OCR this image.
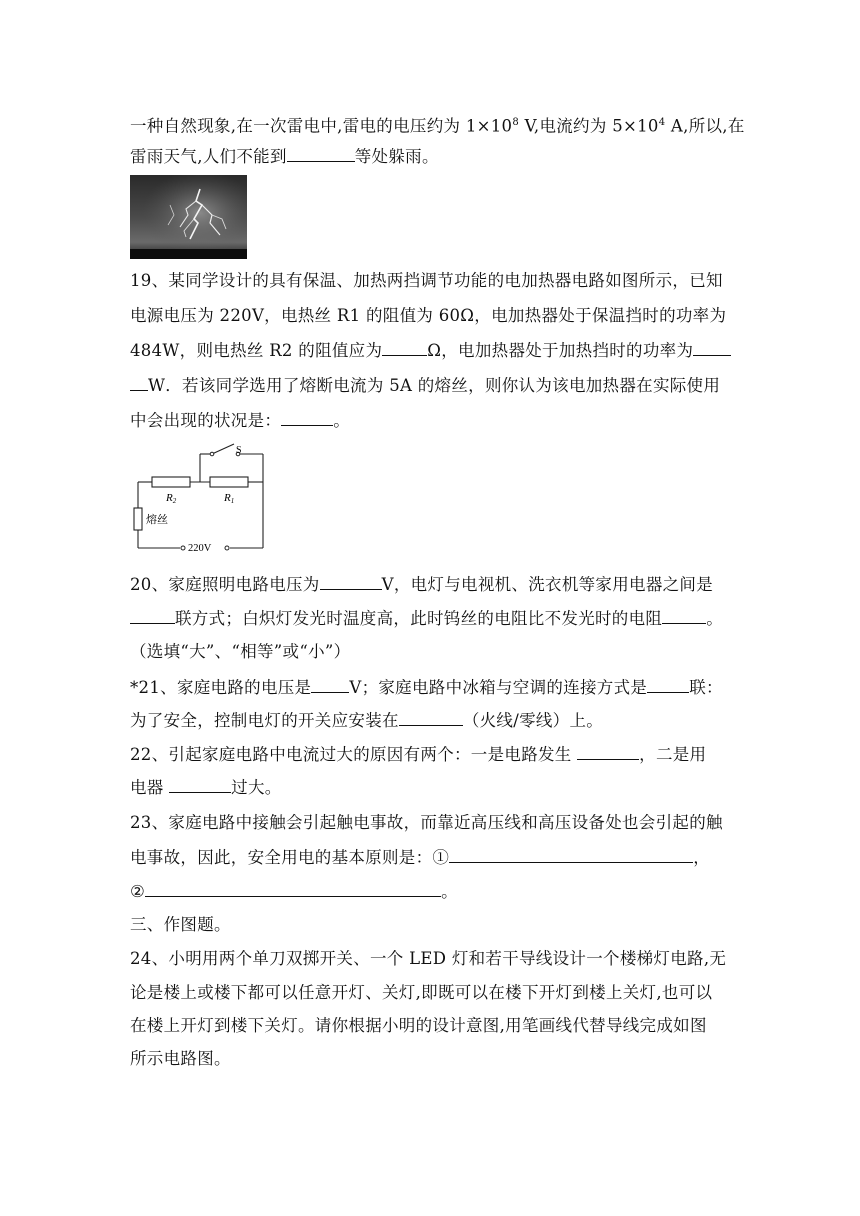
一种自然现象,在一次雷电中,雷电的电压约为 $1\times 10^8$ V,电流约为 $5\times 10^4$ A,所以,在
雷雨天气,人们不能到	等处躲雨。
19、某同学设计的具有保温、加热两挡调节功能的电加热器电路如图所示，已知
电源电压为 220V，电热丝 R1 的阻值为 60Ω，电加热器处于保温挡时的功率为
484W，则电热丝 R2 的阻值应为	Ω，电加热器处于加热挡时的功率为
W．若该同学选用了熔断电流为 5A 的熔丝，则你认为该电加热器在实际使用
中会出现的状况是：	。
S
R2	R1
熔丝
220V
20、家庭照明电路电压为	V，电灯与电视机、洗衣机等家用电器之间是
联方式；白炽灯发光时温度高，此时钨丝的电阻比不发光时的电阻	。
（选填“大”、“相等”或“小”）
*21、家庭电路的电压是 V；家庭电路中冰箱与空调的连接方式是	联：
为了安全，控制电灯的开关应安装在	（火线/零线）上。
22、引起家庭电路中电流过大的原因有两个：一是电路发生	，二是用
电器	过大。
23、家庭电路中接触会引起触电事故，而靠近高压线和高压设备处也会引起的触
电事故，因此，安全用电的基本原则是：①	，
②	。
三、作图题。
24、小明用两个单刀双掷开关、一个 LED 灯和若干导线设计一个楼梯灯电路,无
论是楼上或楼下都可以任意开灯、关灯,即既可以在楼下开灯到楼上关灯,也可以
在楼上开灯到楼下关灯。请你根据小明的设计意图,用笔画线代替导线完成如图
所示电路图。
